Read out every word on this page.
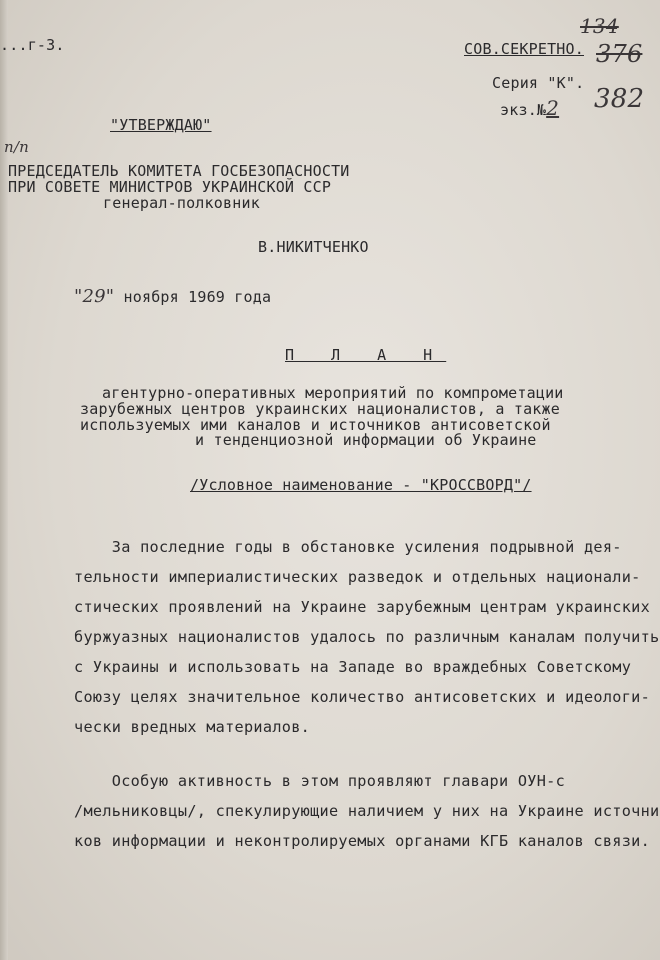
...г-3.	СОВ.СЕКРЕТНО.
Серия "К".
экз.№2
134
376
382
"УТВЕРЖДАЮ"
п/п
ПРЕДСЕДАТЕЛЬ КОМИТЕТА ГОСБЕЗОПАСНОСТИ
ПРИ СОВЕТЕ МИНИСТРОВ УКРАИНСКОЙ ССР
генерал-полковник
В.НИКИТЧЕНКО
"29" ноября 1969 года
П Л А Н
агентурно-оперативных мероприятий по компрометации
зарубежных центров украинских националистов, а также
используемых ими каналов и источников антисоветской
и тенденциозной информации об Украине
/Условное наименование - "КРОССВОРД"/
За последние годы в обстановке усиления подрывной дея-
тельности империалистических разведок и отдельных национали-
стических проявлений на Украине зарубежным центрам украинских
буржуазных националистов удалось по различным каналам получить
с Украины и использовать на Западе во враждебных Советскому
Союзу целях значительное количество антисоветских и идеологи-
чески вредных материалов.
Особую активность в этом проявляют главари ОУН-с
/мельниковцы/, спекулирующие наличием у них на Украине источни
ков информации и неконтролируемых органами КГБ каналов связи.
